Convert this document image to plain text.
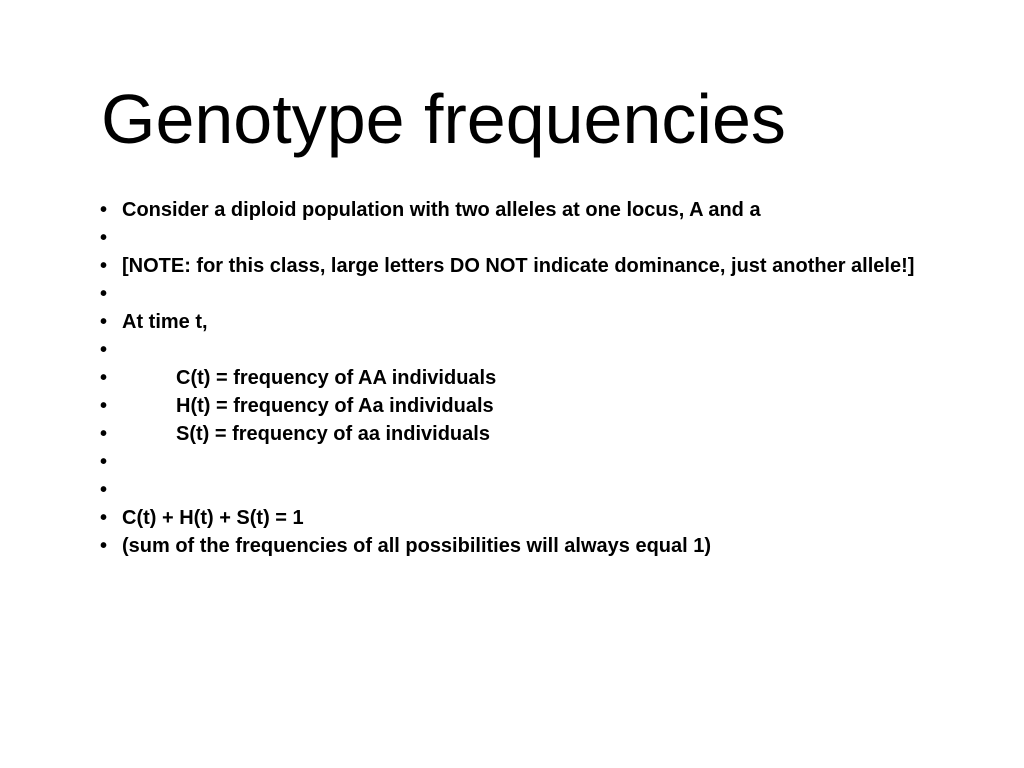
Genotype frequencies
• Consider a diploid population with two alleles at one locus, A and a
•
• [NOTE: for this class, large letters DO NOT indicate dominance, just another allele!]
•
• At time t,
•
• C(t) = frequency of AA individuals
• H(t) = frequency of Aa individuals
• S(t) = frequency of aa individuals
•
•
• C(t) + H(t) + S(t) = 1
• (sum of the frequencies of all possibilities will always equal 1)
